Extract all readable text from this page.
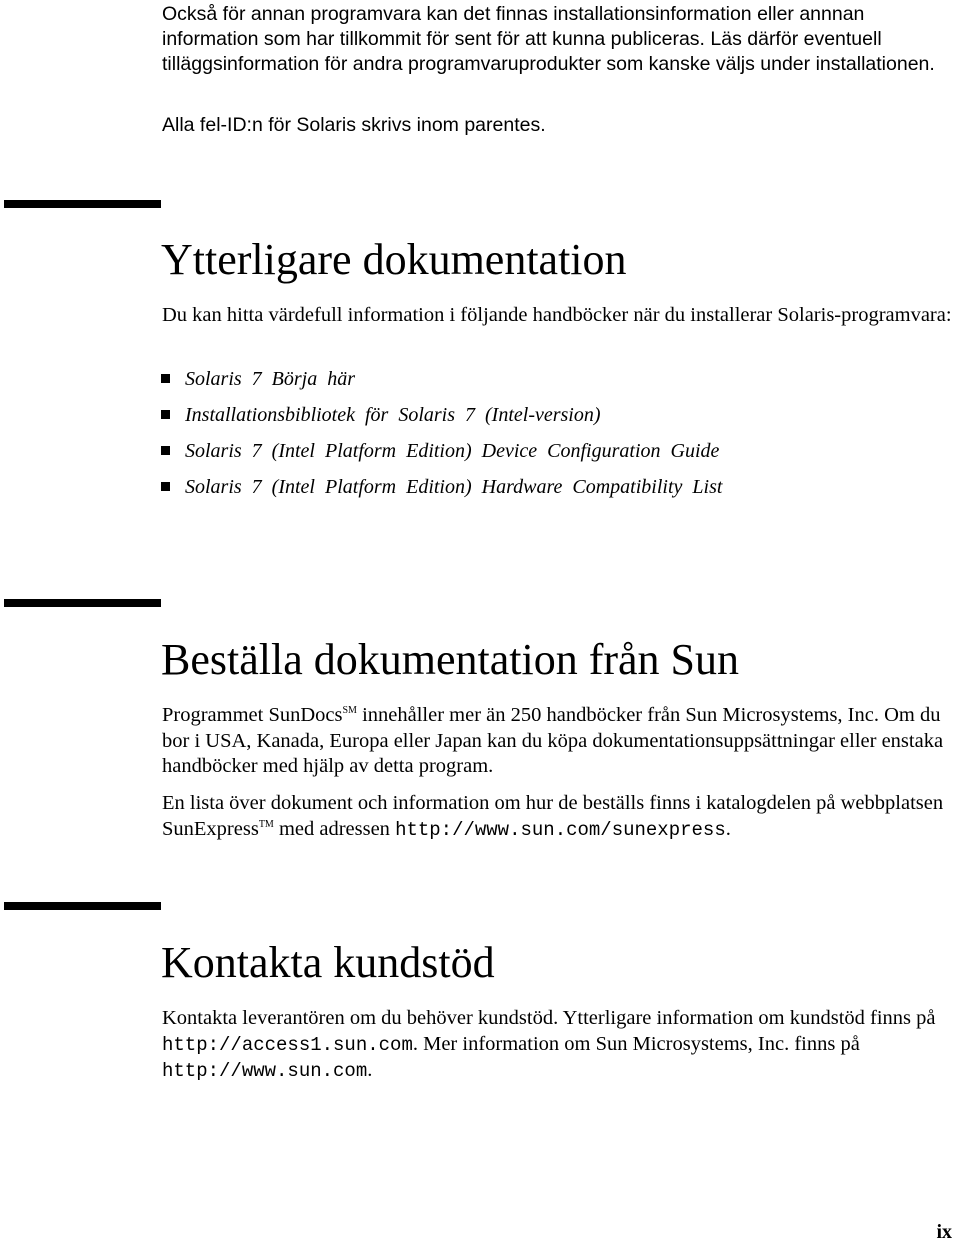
Också för annan programvara kan det finnas installationsinformation eller annnan information som har tillkommit för sent för att kunna publiceras. Läs därför eventuell tilläggsinformation för andra programvaruprodukter som kanske väljs under installationen.
Alla fel-ID:n för Solaris skrivs inom parentes.
Ytterligare dokumentation
Du kan hitta värdefull information i följande handböcker när du installerar Solaris-programvara:
Solaris 7 Börja här
Installationsbibliotek för Solaris 7 (Intel-version)
Solaris 7 (Intel Platform Edition) Device Configuration Guide
Solaris 7 (Intel Platform Edition) Hardware Compatibility List
Beställa dokumentation från Sun
Programmet SunDocs℠ innehåller mer än 250 handböcker från Sun Microsystems, Inc. Om du bor i USA, Kanada, Europa eller Japan kan du köpa dokumentationsuppsättningar eller enstaka handböcker med hjälp av detta program.
En lista över dokument och information om hur de beställs finns i katalogdelen på webbplatsen SunExpress™ med adressen http://www.sun.com/sunexpress.
Kontakta kundstöd
Kontakta leverantören om du behöver kundstöd. Ytterligare information om kundstöd finns på http://access1.sun.com. Mer information om Sun Microsystems, Inc. finns på http://www.sun.com.
ix
